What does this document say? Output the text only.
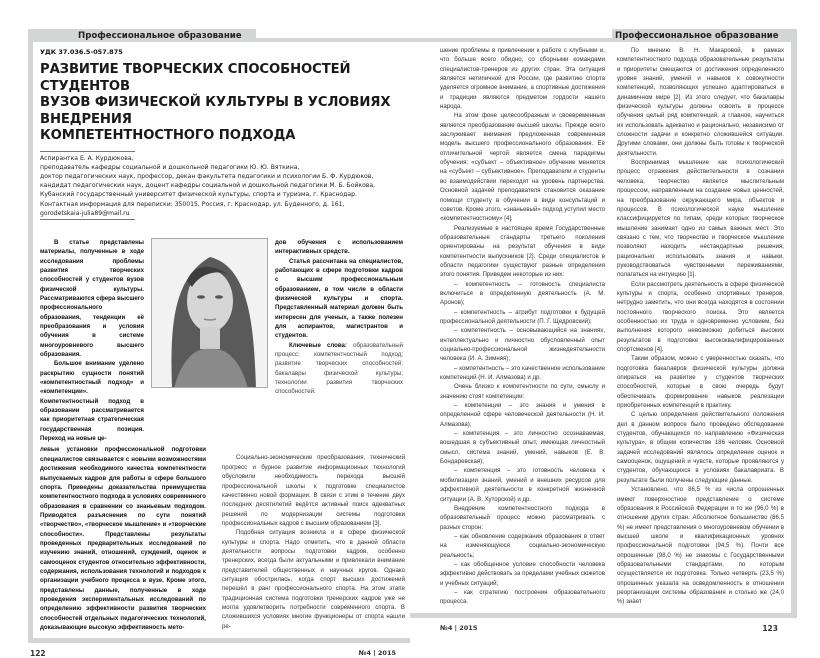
Профессиональное образование
УДК 37.036.5-057.875
РАЗВИТИЕ ТВОРЧЕСКИХ СПОСОБНОСТЕЙ СТУДЕНТОВ
ВУЗОВ ФИЗИЧЕСКОЙ КУЛЬТУРЫ В УСЛОВИЯХ ВНЕДРЕНИЯ
КОМПЕТЕНТНОСТНОГО ПОДХОДА
Аспирантка Е. А. Курдюкова,
преподаватель кафедры социальной и дошкольной педагогики Ю. Ю. Вяткина,
доктор педагогических наук, профессор, декан факультета педагогики и психологии Б. Ф. Курдюков,
кандидат педагогических наук, доцент кафедры социальной и дошкольной педагогики М. Б. Бойкова,
Кубанский государственный университет физической культуры, спорта и туризма, г. Краснодар.
Контактная информация для переписки: 350015, Россия, г. Краснодар, ул. Буденного, д. 161,
gorodetskaia-julia89@mail.ru

В статье представлены материалы, полученные в ходе исследования проблемы развития творческих способностей у студентов вузов физической культуры. Рассматриваются сфера высшего профессионального образования, тенденции её преобразования и условия обучения в системе многоуровневого высшего образования.

Большое внимание уделено раскрытию сущности понятий «компетентностный подход» и «компетенции». Компетентностный подход в образовании рассматривается как приоритетная стратегическая государственная позиция. Переход на новые це-

дов обучения с использованием интерактивных средств.

Статья рассчитана на специалистов, работающих в сфере подготовки кадров с высшим профессиональным образованием, в том числе в области физической культуры и спорта. Представленный материал должен быть интересен для ученых, а также полезен для аспирантов, магистрантов и студентов.

Ключевые слова: образовательный процесс; компетентностный подход; развитие творческих способностей; бакалавры физической культуры; технологии развития творческих способностей.

левые установки профессиональной подготовки специалистов связывается с новыми возможностями достижения необходимого качества компетентности выпускаемых кадров для работы в сфере большого спорта. Приведены доказательства преимущества компетентностного подхода в условиях современного образования в сравнении со знаньевым подходом. Приводятся разъяснения по сути понятий «творчество», «творческое мышление» и «творческие способности». Представлены результаты проведенных предварительных исследований по изучению знаний, отношений, суждений, оценок и самооценок студентов относительно эффективности, содержания, использования технологий и подходов к организации учебного процесса в вузе. Кроме этого, представлены данные, полученные в ходе проведения экспериментальных исследований по определению эффективности развития творческих способностей отдельных педагогических технологий, доказывающие высокую эффективность мето-

Социально-экономические преобразования, технический прогресс и бурное развитие информационных технологий обусловили необходимость перехода высшей профессиональной школы к подготовке специалистов качественно новой формации. В связи с этим в течение двух последних десятилетий ведётся активный поиск адекватных решений по модернизации системы подготовки профессиональных кадров с высшим образованием [3].

Подобная ситуация возникла и в сфере физической культуры и спорта. Надо отметить, что в данной области деятельности вопросы подготовки кадров, особенно тренерских, всегда были актуальными и привлекали внимание представителей общественных и научных кругов. Однако ситуация обострилась, когда спорт высших достижений перешёл в ранг профессионального спорта. На этом этапе традиционная система подготовки тренерских кадров уже не могла удовлетворить потребности современного спорта. В сложившихся условиях многие функционеры от спорта нашли ре-

122	№4 | 2015
Профессиональное образование

шение проблемы в привлечении к работе с клубными и, что больше всего обидно, со сборными командами специалистов-тренеров из других стран. Эта ситуация является нетипичной для России, где развитию спорта уделяется огромное внимание, а спортивные достижения и традиции являются предметом гордости нашего народа.

На этом фоне целесообразным и своевременным является преобразование высшей школы. Прежде всего заслуживает внимания предложенная современная модель высшего профессионального образования. Её отличительной чертой является смена парадигмы обучения: «субъект – объективное» обучение меняется на «субъект – субъективное». Преподаватели и студенты во взаимодействии переходят на уровень партнерства. Основной задачей преподавателя становится оказание помощи студенту в обучении в виде консультаций и советов. Кроме этого, «знаньевый» подход уступил место «компетентностному» [4].

Реализуемые в настоящее время Государственные образовательные стандарты третьего поколения ориентированы на результат обучения в виде компетентности выпускников [2]. Среди специалистов в области педагогики существуют разные определения этого понятия. Приведем некоторые из них:

– компетентность – готовность специалиста включиться в определенную деятельность (А. М. Аронов);

– компетентность – атрибут подготовки к будущей профессиональной деятельности (П. Г. Щедровский);

– компетентность – основывающийся на знаниях, интеллектуально и личностно обусловленный опыт социально-профессиональной жизнедеятельности человека (И. А. Зимняя);

– компетентность – это качественное использование компетенций (Н. И. Алмазова) и др.

Очень близко к компетентности по сути, смыслу и значению стоят компетенции:

– компетенции – это знания и умения в определенной сфере человеческой деятельности (Н. И. Алмазова);

– компетенция – это личностно осознаваемая, вошедшая в субъективный опыт, имеющая личностный смысл, система знаний, умений, навыков (Е. В. Бондаревская);

– компетенция – это готовность человека к мобилизации знаний, умений и внешних ресурсов для эффективной деятельности в конкретной жизненной ситуации (А. В. Хуторской) и др.

Внедрение компетентностного подхода в образовательный процесс можно рассматривать с разных сторон:

– как обновление содержания образования в ответ на изменяющуюся социально-экономическую реальность;

– как обобщенное условие способности человека эффективно действовать за пределами учебных сюжетов и учебных ситуаций;

– как стратегию построения образовательного процесса.

По мнению В. Н. Макаровой, в рамках компетентностного подхода образовательные результаты и приоритеты смещаются от достижения определенного уровня знаний, умений и навыков к совокупности компетенций, позволяющих успешно адаптироваться в динамичном мире [2]. Из этого следует, что бакалавры физической культуры должны освоить в процессе обучения целый ряд компетенций, а главное, научиться их использовать адекватно и рационально, независимо от сложности задачи и конкретно сложившейся ситуации. Другими словами, они должны быть готовы к творческой деятельности.

Воспринимая мышление как психологический процесс отражения действительности в сознании человека, творчество является мыслительным процессом, направленным на создание новых ценностей, на преобразование окружающего мира, объектов и процессов. В психологической науке мышление классифицируется по типам, среди которых творческое мышление занимает одно из самых важных мест. Это связано с тем, что творчество и творческое мышление позволяют находить нестандартные решения, рационально использовать знания и навыки, руководствоваться чувственными переживаниями, полагаться на интуицию [1].

Если рассмотреть деятельность в сфере физической культуры и спорта, особенно спортивных тренеров, нетрудно заметить, что они всегда находятся в состоянии постоянного творческого поиска. Это является особенностью их труда и одновременно условием, без выполнения которого невозможно добиться высоких результатов в подготовке высококвалифицированных спортсменов [4].

Таким образом, можно с уверенностью сказать, что подготовка бакалавров физической культуры должна опираться на развитие у студентов творческих способностей, которые в свою очередь будут обеспечивать формирование навыков реализации приобретенных компетенций в практику.

С целью определения действительного положения дел в данном вопросе было проведено обследование студентов, обучающихся по направлению «Физическая культура», в общем количестве 186 человек. Основной задачей исследований являлось определение оценок и самооценок, ощущений и чувств, которые проявляются у студентов, обучающихся в условиях бакалавриата. В результате были получены следующие данные.

Установлено, что 86,5 % из числа опрошенных имеют поверхностное представление о системе образования в Российской Федерации и то же (96,0 %) в отношении других стран. Абсолютное большинство (86,5 %) не имеет представления о многоуровневом обучении в высшей школе и квалификационных уровнях профессиональной подготовки (94,5 %). Почти все опрошенные (98,0 %) не знакомы с Государственными образовательными стандартами, по которым осуществляется их подготовка. Только четверть (23,5 %) опрошенных указала на осведомленность в отношении реорганизации системы образования и столько же (24,0 %) знает

№4 | 2015	123
